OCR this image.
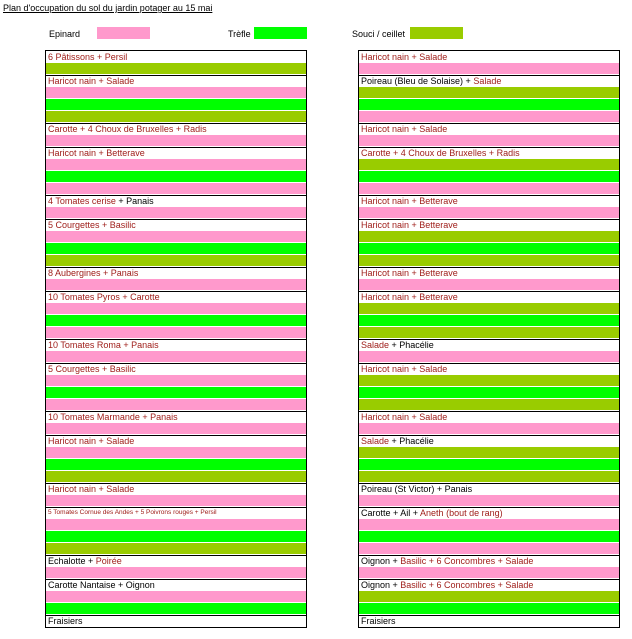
Plan d'occupation du sol du jardin potager au 15 mai
Epinard	Trèfle	Souci / ceillet
6 Pâtissons + Persil
Haricot nain + Salade
Carotte + 4 Choux de Bruxelles + Radis
Haricot nain + Betterave
4 Tomates cerise + Panais
5 Courgettes + Basilic
8 Aubergines + Panais
10 Tomates Pyros + Carotte
10 Tomates Roma + Panais
5 Courgettes + Basilic
10 Tomates Marmande + Panais
Haricot nain + Salade
Haricot nain + Salade
5 Tomates Cornue des Andes + 5 Poivrons rouges + Persil
Echalotte + Poirée
Carotte Nantaise + Oignon
Fraisiers
Haricot nain + Salade
Poireau (Bleu de Solaise) + Salade
Haricot nain + Salade
Carotte + 4 Choux de Bruxelles + Radis
Haricot nain + Betterave
Haricot nain + Betterave
Haricot nain + Betterave
Haricot nain + Betterave
Salade + Phacélie
Haricot nain + Salade
Haricot nain + Salade
Salade + Phacélie
Poireau (St Victor) + Panais
Carotte + Ail + Aneth (bout de rang)
Oignon + Basilic + 6 Concombres + Salade
Oignon + Basilic + 6 Concombres + Salade
Fraisiers
